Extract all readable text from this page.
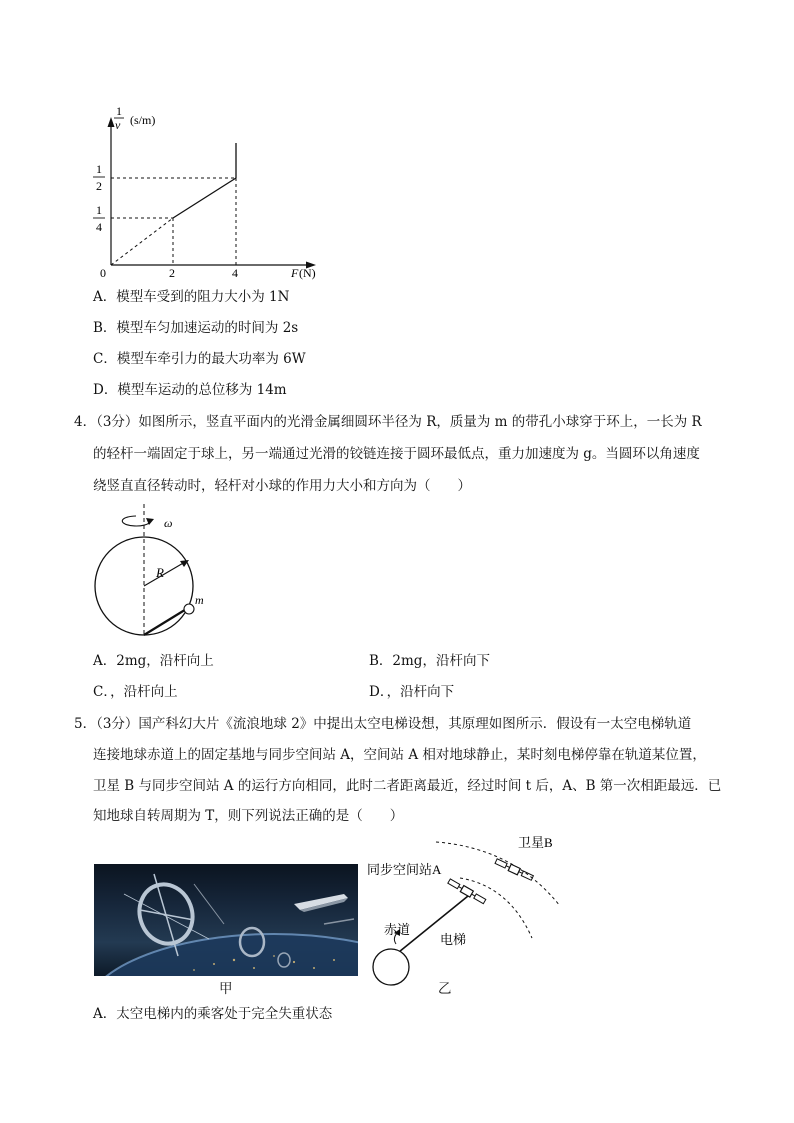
1
v (s/m)
1
2
1
4
0	2	4	F (N)
A．模型车受到的阻力大小为 1N
B．模型车匀加速运动的时间为 2s
C．模型车牵引力的最大功率为 6W
D．模型车运动的总位移为 14m
4．（3分）如图所示，竖直平面内的光滑金属细圆环半径为 R，质量为 m 的带孔小球穿于环上，一长为 R
的轻杆一端固定于球上，另一端通过光滑的铰链连接于圆环最低点，重力加速度为 g。当圆环以角速度
绕竖直直径转动时，轻杆对小球的作用力大小和方向为（　　）
ω
R
m
A．2mg，沿杆向上	B．2mg，沿杆向下
C．，沿杆向上	D．，沿杆向下
5．（3分）国产科幻大片《流浪地球 2》中提出太空电梯设想，其原理如图所示．假设有一太空电梯轨道
连接地球赤道上的固定基地与同步空间站 A，空间站 A 相对地球静止，某时刻电梯停靠在轨道某位置，
卫星 B 与同步空间站 A 的运行方向相同，此时二者距离最近，经过时间 t 后，A、B 第一次相距最远．已
知地球自转周期为 T，则下列说法正确的是（　　）
卫星B
同步空间站A
赤道
电梯
甲	乙
A．太空电梯内的乘客处于完全失重状态
